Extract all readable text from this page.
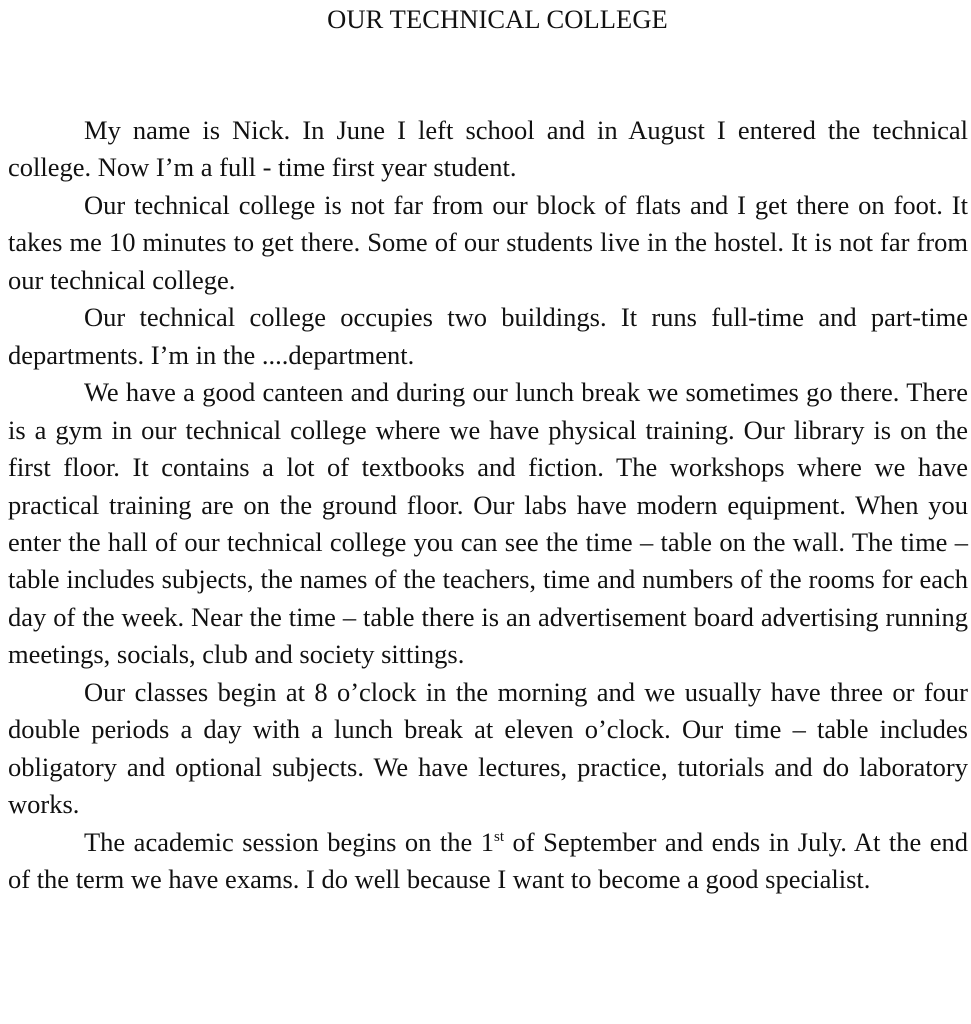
OUR TECHNICAL COLLEGE

My name is Nick. In June I left school and in August I entered the technical college. Now I’m a full - time first year student.

Our technical college is not far from our block of flats and I get there on foot. It takes me 10 minutes to get there. Some of our students live in the hostel. It is not far from our technical college.

Our technical college occupies two buildings. It runs full-time and part-time departments. I’m in the ....department.

We have a good canteen and during our lunch break we sometimes go there. There is a gym in our technical college where we have physical training. Our library is on the first floor. It contains a lot of textbooks and fiction. The workshops where we have practical training are on the ground floor. Our labs have modern equipment. When you enter the hall of our technical college you can see the time – table on the wall. The time – table includes subjects, the names of the teachers, time and numbers of the rooms for each day of the week. Near the time – table there is an advertisement board advertising running meetings, socials, club and society sittings.

Our classes begin at 8 o’clock in the morning and we usually have three or four double periods a day with a lunch break at eleven o’clock. Our time – table includes obligatory and optional subjects. We have lectures, practice, tutorials and do laboratory works.

The academic session begins on the 1st of September and ends in July. At the end of the term we have exams. I do well because I want to become a good specialist.
